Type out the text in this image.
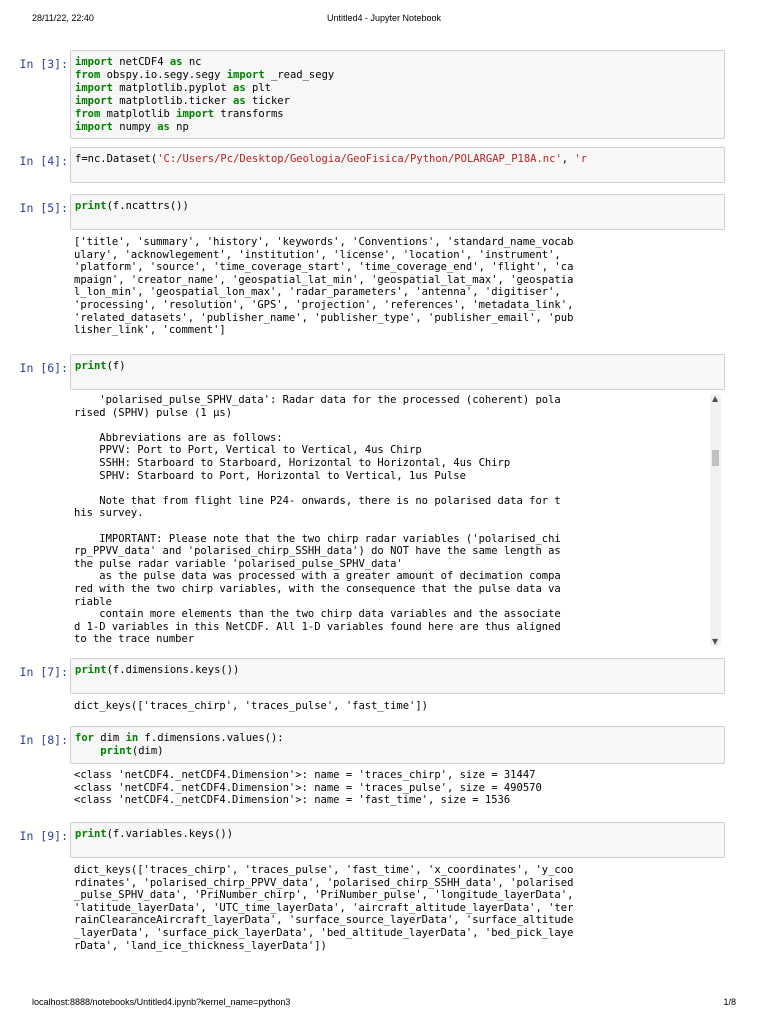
28/11/22, 22:40	Untitled4 - Jupyter Notebook
In [3]: import netCDF4 as nc
from obspy.io.segy.segy import _read_segy
import matplotlib.pyplot as plt
import matplotlib.ticker as ticker
from matplotlib import transforms
import numpy as np
In [4]: f=nc.Dataset('C:/Users/Pc/Desktop/Geologia/GeoFisica/Python/POLARGAP_P18A.nc', 'r
In [5]: print(f.ncattrs())
['title', 'summary', 'history', 'keywords', 'Conventions', 'standard_name_vocab
ulary', 'acknowlegement', 'institution', 'license', 'location', 'instrument',
'platform', 'source', 'time_coverage_start', 'time_coverage_end', 'flight', 'ca
mpaign', 'creator_name', 'geospatial_lat_min', 'geospatial_lat_max', 'geospatia
l_lon_min', 'geospatial_lon_max', 'radar_parameters', 'antenna', 'digitiser',
'processing', 'resolution', 'GPS', 'projection', 'references', 'metadata_link',
'related_datasets', 'publisher_name', 'publisher_type', 'publisher_email', 'pub
lisher_link', 'comment']
In [6]: print(f)
'polarised_pulse_SPHV_data': Radar data for the processed (coherent) pola
rised (SPHV) pulse (1 µs)

Abbreviations are as follows:
PPVV: Port to Port, Vertical to Vertical, 4us Chirp
SSHH: Starboard to Starboard, Horizontal to Horizontal, 4us Chirp
SPHV: Starboard to Port, Horizontal to Vertical, 1us Pulse

Note that from flight line P24- onwards, there is no polarised data for t
his survey.

IMPORTANT: Please note that the two chirp radar variables ('polarised_chi
rp_PPVV_data' and 'polarised_chirp_SSHH_data') do NOT have the same length as
the pulse radar variable 'polarised_pulse_SPHV_data'
as the pulse data was processed with a greater amount of decimation compa
red with the two chirp variables, with the consequence that the pulse data va
riable
contain more elements than the two chirp data variables and the associate
d 1-D variables in this NetCDF. All 1-D variables found here are thus aligned
to the trace number
▲
▼
In [7]: print(f.dimensions.keys())
dict_keys(['traces_chirp', 'traces_pulse', 'fast_time'])
In [8]: for dim in f.dimensions.values():
print(dim)
<class 'netCDF4._netCDF4.Dimension'>: name = 'traces_chirp', size = 31447
<class 'netCDF4._netCDF4.Dimension'>: name = 'traces_pulse', size = 490570
<class 'netCDF4._netCDF4.Dimension'>: name = 'fast_time', size = 1536
In [9]: print(f.variables.keys())
dict_keys(['traces_chirp', 'traces_pulse', 'fast_time', 'x_coordinates', 'y_coo
rdinates', 'polarised_chirp_PPVV_data', 'polarised_chirp_SSHH_data', 'polarised
_pulse_SPHV_data', 'PriNumber_chirp', 'PriNumber_pulse', 'longitude_layerData',
'latitude_layerData', 'UTC_time_layerData', 'aircraft_altitude_layerData', 'ter
rainClearanceAircraft_layerData', 'surface_source_layerData', 'surface_altitude
_layerData', 'surface_pick_layerData', 'bed_altitude_layerData', 'bed_pick_laye
rData', 'land_ice_thickness_layerData'])
localhost:8888/notebooks/Untitled4.ipynb?kernel_name=python3	1/8
